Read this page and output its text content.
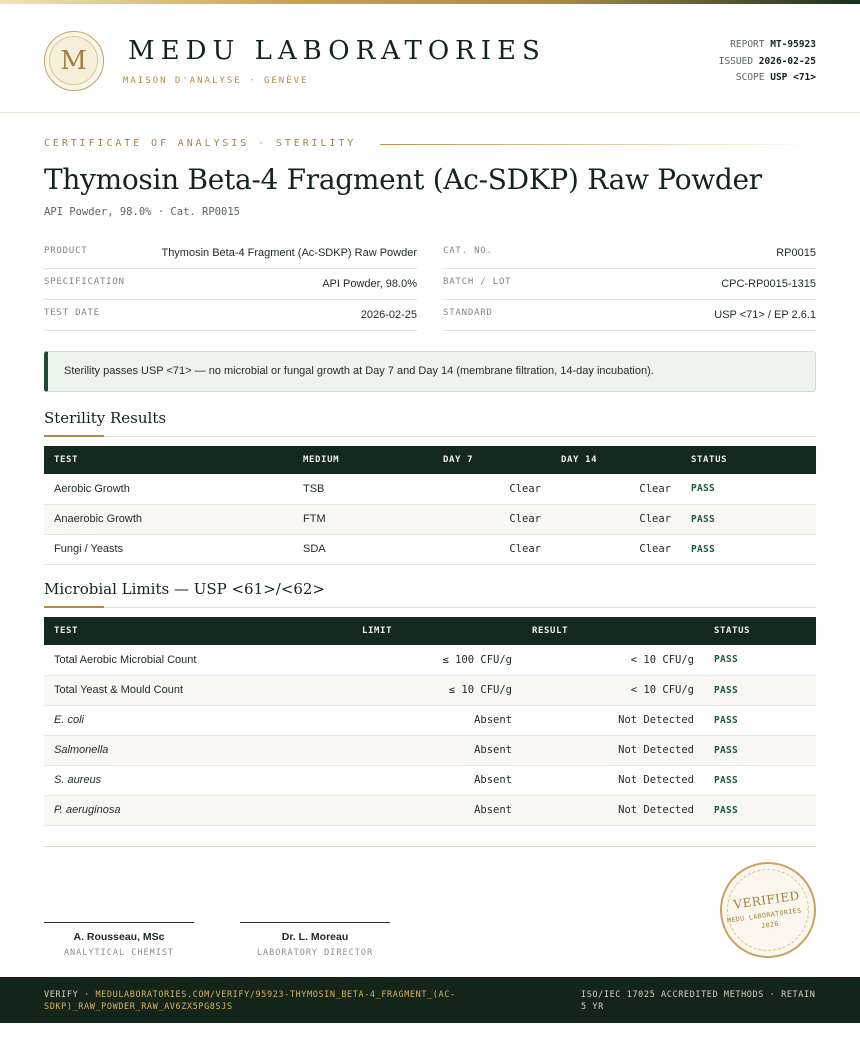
M	MEDU LABORATORIES
MAISON D'ANALYSE · GENÈVE
REPORT MT-95923
ISSUED 2026-02-25
SCOPE USP <71>
CERTIFICATE OF ANALYSIS · STERILITY
Thymosin Beta-4 Fragment (Ac-SDKP) Raw Powder
API Powder, 98.0% · Cat. RP0015
PRODUCT	Thymosin Beta-4 Fragment (Ac-SDKP) Raw Powder
SPECIFICATION	API Powder, 98.0%
TEST DATE	2026-02-25
CAT. NO.	RP0015
BATCH / LOT	CPC-RP0015-1315
STANDARD	USP <71> / EP 2.6.1
Sterility passes USP <71> — no microbial or fungal growth at Day 7 and Day 14 (membrane filtration, 14-day incubation).
Sterility Results
TEST	MEDIUM	DAY 7	DAY 14	STATUS
Aerobic Growth	TSB	Clear	Clear	PASS
Anaerobic Growth	FTM	Clear	Clear	PASS
Fungi / Yeasts	SDA	Clear	Clear	PASS
Microbial Limits — USP <61>/<62>
TEST	LIMIT	RESULT	STATUS
Total Aerobic Microbial Count	≤ 100 CFU/g	< 10 CFU/g	PASS
Total Yeast & Mould Count	≤ 10 CFU/g	< 10 CFU/g	PASS
E. coli	Absent	Not Detected	PASS
Salmonella	Absent	Not Detected	PASS
S. aureus	Absent	Not Detected	PASS
P. aeruginosa	Absent	Not Detected	PASS
A. Rousseau, MSc
ANALYTICAL CHEMIST
Dr. L. Moreau
LABORATORY DIRECTOR
VERIFIED
MEDU LABORATORIES · 2026
VERIFY · MEDULABORATORIES.COM/VERIFY/95923-THYMOSIN_BETA-4_FRAGMENT_(AC-SDKP)_RAW_POWDER_RAW_AV6ZX5PG8SJS
ISO/IEC 17025 ACCREDITED METHODS · RETAIN 5 YR
